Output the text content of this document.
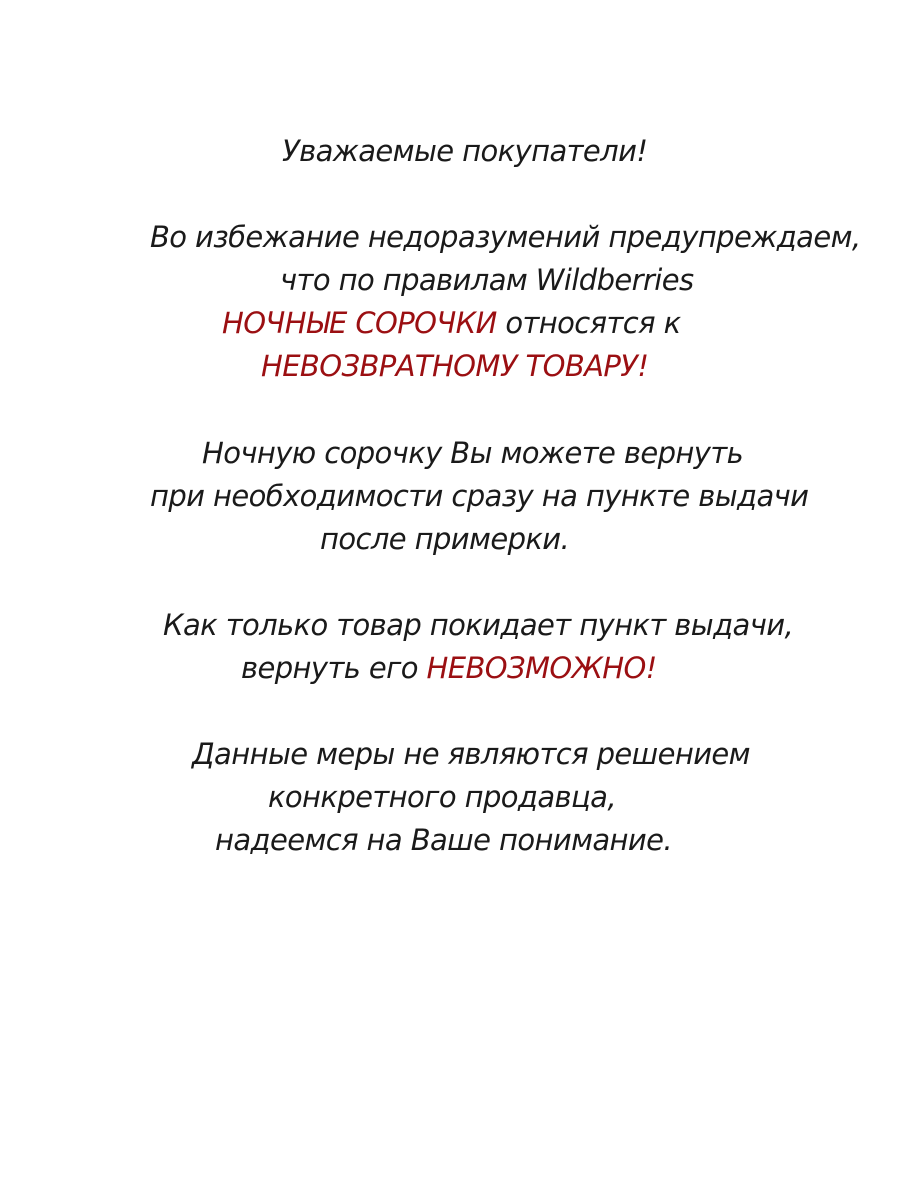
Уважаемые покупатели!
Во избежание недоразумений предупреждаем,
что по правилам Wildberries
НОЧНЫЕ СОРОЧКИ относятся к
НЕВОЗВРАТНОМУ ТОВАРУ!
Ночную сорочку Вы можете вернуть
при необходимости сразу на пункте выдачи
после примерки.
Как только товар покидает пункт выдачи,
вернуть его НЕВОЗМОЖНО!
Данные меры не являются решением
конкретного продавца,
надеемся на Ваше понимание.
